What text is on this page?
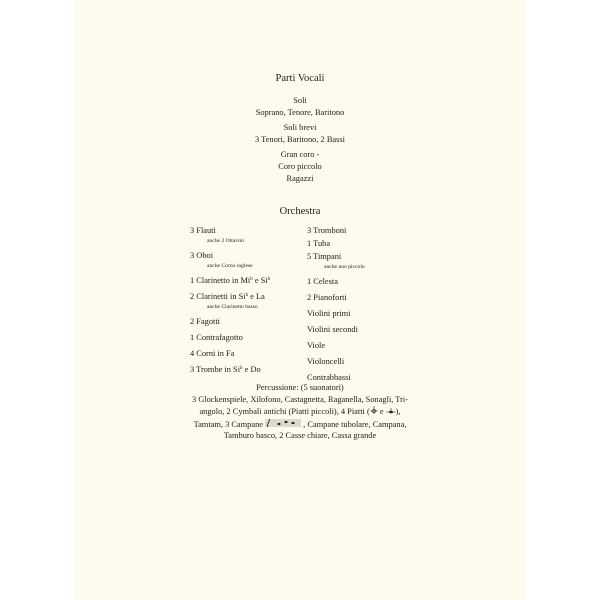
Parti Vocali
Soli
Soprano, Tenore, Baritono
Soli brevi
3 Tenori, Baritono, 2 Bassi
Gran coro -
Coro piccolo
Ragazzi
Orchestra
3 Flauti
anche 2 Ottavini
3 Oboi
anche Corno inglese
1 Clarinetto in Mi$^b$ e Si$^b$
2 Clarinetti in Si$^b$ e La
anche Clarinetto basso
2 Fagotti
1 Contrafagotto
4 Corni in Fa
3 Trombe in Si$^b$ e Do
3 Tromboni
1 Tuba
5 Timpani
anche uno piccolo
1 Celesta
2 Pianoforti
Violini primi
Violini secondi
Viole
Violoncelli
Contrabbassi
Percussione: (5 suonatori)
3 Glockenspiele, Xilofono, Castagnetta, Raganella, Sonagli, Tri-
angolo, 2 Cymbali antichi (Piatti piccoli), 4 Piatti ( e ),
Tamtam, 3 Campane	, Campane tubolare, Campana,
Tamburo basco, 2 Casse chiare, Cassa grande
